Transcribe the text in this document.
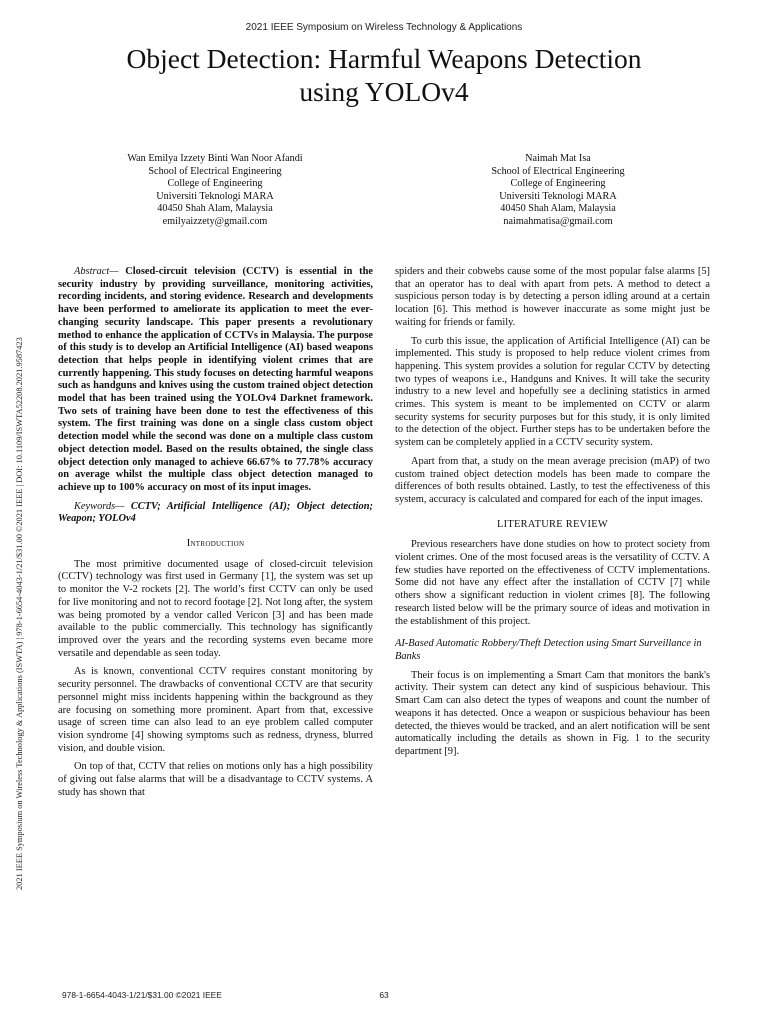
2021 IEEE Symposium on Wireless Technology & Applications
Object Detection: Harmful Weapons Detection
using YOLOv4
Wan Emilya Izzety Binti Wan Noor Afandi
School of Electrical Engineering
College of Engineering
Universiti Teknologi MARA
40450 Shah Alam, Malaysia
emilyaizzety@gmail.com
Naimah Mat Isa
School of Electrical Engineering
College of Engineering
Universiti Teknologi MARA
40450 Shah Alam, Malaysia
naimahmatisa@gmail.com
2021 IEEE Symposium on Wireless Technology & Applications (ISWTA) | 978-1-6654-4043-1/21/$31.00 ©2021 IEEE | DOI: 10.1109/ISWTA52208.2021.9587423

Abstract— Closed-circuit television (CCTV) is essential in the security industry by providing surveillance, monitoring activities, recording incidents, and storing evidence. Research and developments have been performed to ameliorate its application to meet the ever-changing security landscape. This paper presents a revolutionary method to enhance the application of CCTVs in Malaysia. The purpose of this study is to develop an Artificial Intelligence (AI) based weapons detection that helps people in identifying violent crimes that are currently happening. This study focuses on detecting harmful weapons such as handguns and knives using the custom trained object detection model that has been trained using the YOLOv4 Darknet framework. Two sets of training have been done to test the effectiveness of this system. The first training was done on a single class custom object detection model while the second was done on a multiple class custom object detection model. Based on the results obtained, the single class object detection only managed to achieve 66.67% to 77.78% accuracy on average whilst the multiple class object detection managed to achieve up to 100% accuracy on most of its input images.

Keywords— CCTV; Artificial Intelligence (AI); Object detection; Weapon; YOLOv4

Introduction

The most primitive documented usage of closed-circuit television (CCTV) technology was first used in Germany [1], the system was set up to monitor the V-2 rockets [2]. The world’s first CCTV can only be used for live monitoring and not to record footage [2]. Not long after, the system was being promoted by a vendor called Vericon [3] and has been made available to the public commercially. This technology has significantly improved over the years and the recording systems even became more versatile and dependable as seen today.

As is known, conventional CCTV requires constant monitoring by security personnel. The drawbacks of conventional CCTV are that security personnel might miss incidents happening within the background as they are focusing on something more prominent. Apart from that, excessive usage of screen time can also lead to an eye problem called computer vision syndrome [4] showing symptoms such as redness, dryness, blurred vision, and double vision.

On top of that, CCTV that relies on motions only has a high possibility of giving out false alarms that will be a disadvantage to CCTV systems. A study has shown that

spiders and their cobwebs cause some of the most popular false alarms [5] that an operator has to deal with apart from pets. A method to detect a suspicious person today is by detecting a person idling around at a certain location [6]. This method is however inaccurate as some might just be waiting for friends or family.

To curb this issue, the application of Artificial Intelligence (AI) can be implemented. This study is proposed to help reduce violent crimes from happening. This system provides a solution for regular CCTV by detecting two types of weapons i.e., Handguns and Knives. It will take the security industry to a new level and hopefully see a declining statistics in armed crimes. This system is meant to be implemented on CCTV or alarm security systems for security purposes but for this study, it is only limited to the detection of the object. Further steps has to be undertaken before the system can be completely applied in a CCTV security system.

Apart from that, a study on the mean average precision (mAP) of two custom trained object detection models has been made to compare the differences of both results obtained. Lastly, to test the effectiveness of this system, accuracy is calculated and compared for each of the input images.

LITERATURE REVIEW

Previous researchers have done studies on how to protect society from violent crimes. One of the most focused areas is the versatility of CCTV. A few studies have reported on the effectiveness of CCTV implementations. Some did not have any effect after the installation of CCTV [7] while others show a significant reduction in violent crimes [8]. The following research listed below will be the primary source of ideas and motivation in the establishment of this project.

AI-Based Automatic Robbery/Theft Detection using Smart Surveillance in Banks

Their focus is on implementing a Smart Cam that monitors the bank's activity. Their system can detect any kind of suspicious behaviour. This Smart Cam can also detect the types of weapons and count the number of weapons it has detected. Once a weapon or suspicious behaviour has been detected, the thieves would be tracked, and an alert notification will be sent automatically including the details as shown in Fig. 1 to the security department [9].

978-1-6654-4043-1/21/$31.00 ©2021 IEEE	63
